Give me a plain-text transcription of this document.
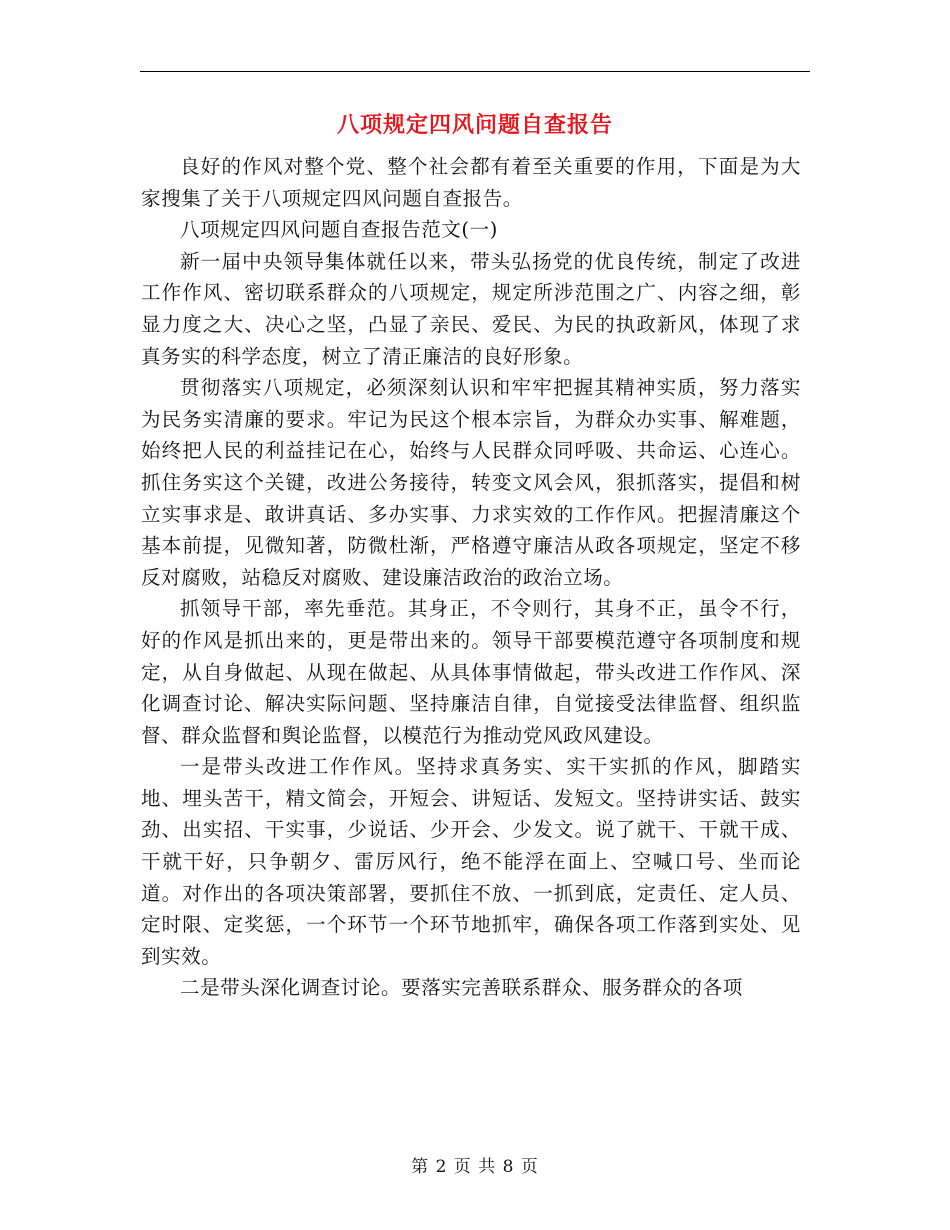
八项规定四风问题自查报告

良好的作风对整个党、整个社会都有着至关重要的作用，下面是为大家搜集了关于八项规定四风问题自查报告。

八项规定四风问题自查报告范文(一)

新一届中央领导集体就任以来，带头弘扬党的优良传统，制定了改进工作作风、密切联系群众的八项规定，规定所涉范围之广、内容之细，彰显力度之大、决心之坚，凸显了亲民、爱民、为民的执政新风，体现了求真务实的科学态度，树立了清正廉洁的良好形象。

贯彻落实八项规定，必须深刻认识和牢牢把握其精神实质，努力落实为民务实清廉的要求。牢记为民这个根本宗旨，为群众办实事、解难题，始终把人民的利益挂记在心，始终与人民群众同呼吸、共命运、心连心。抓住务实这个关键，改进公务接待，转变文风会风，狠抓落实，提倡和树立实事求是、敢讲真话、多办实事、力求实效的工作作风。把握清廉这个基本前提，见微知著，防微杜渐，严格遵守廉洁从政各项规定，坚定不移反对腐败，站稳反对腐败、建设廉洁政治的政治立场。

抓领导干部，率先垂范。其身正，不令则行，其身不正，虽令不行，好的作风是抓出来的，更是带出来的。领导干部要模范遵守各项制度和规定，从自身做起、从现在做起、从具体事情做起，带头改进工作作风、深化调查讨论、解决实际问题、坚持廉洁自律，自觉接受法律监督、组织监督、群众监督和舆论监督，以模范行为推动党风政风建设。

一是带头改进工作作风。坚持求真务实、实干实抓的作风，脚踏实地、埋头苦干，精文简会，开短会、讲短话、发短文。坚持讲实话、鼓实劲、出实招、干实事，少说话、少开会、少发文。说了就干、干就干成、干就干好，只争朝夕、雷厉风行，绝不能浮在面上、空喊口号、坐而论道。对作出的各项决策部署，要抓住不放、一抓到底，定责任、定人员、定时限、定奖惩，一个环节一个环节地抓牢，确保各项工作落到实处、见到实效。

二是带头深化调查讨论。要落实完善联系群众、服务群众的各项

第 2 页 共 8 页
